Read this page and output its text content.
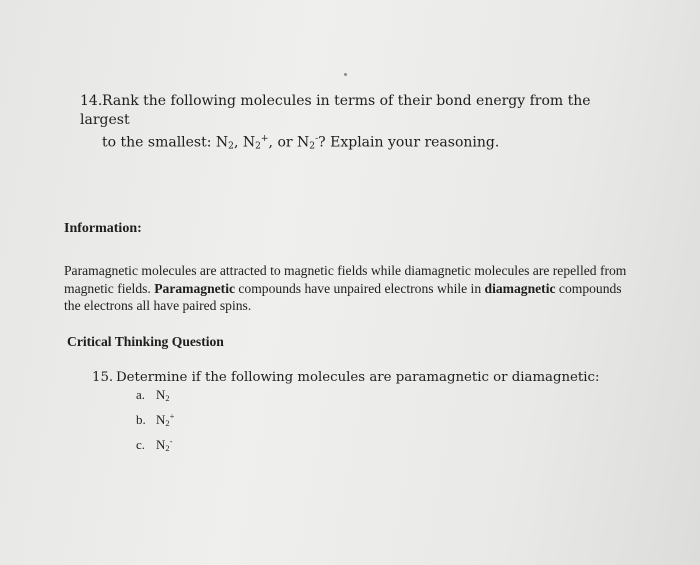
14.Rank the following molecules in terms of their bond energy from the largest
to the smallest: $N_2$, $N_2^+$, or $N_2^-$? Explain your reasoning.
Information:
Paramagnetic molecules are attracted to magnetic fields while diamagnetic molecules are repelled from magnetic fields. Paramagnetic compounds have unpaired electrons while in diamagnetic compounds the electrons all have paired spins.
Critical Thinking Question
15. Determine if the following molecules are paramagnetic or diamagnetic:
a. $N_2$
b. $N_2^+$
c. $N_2^-$
